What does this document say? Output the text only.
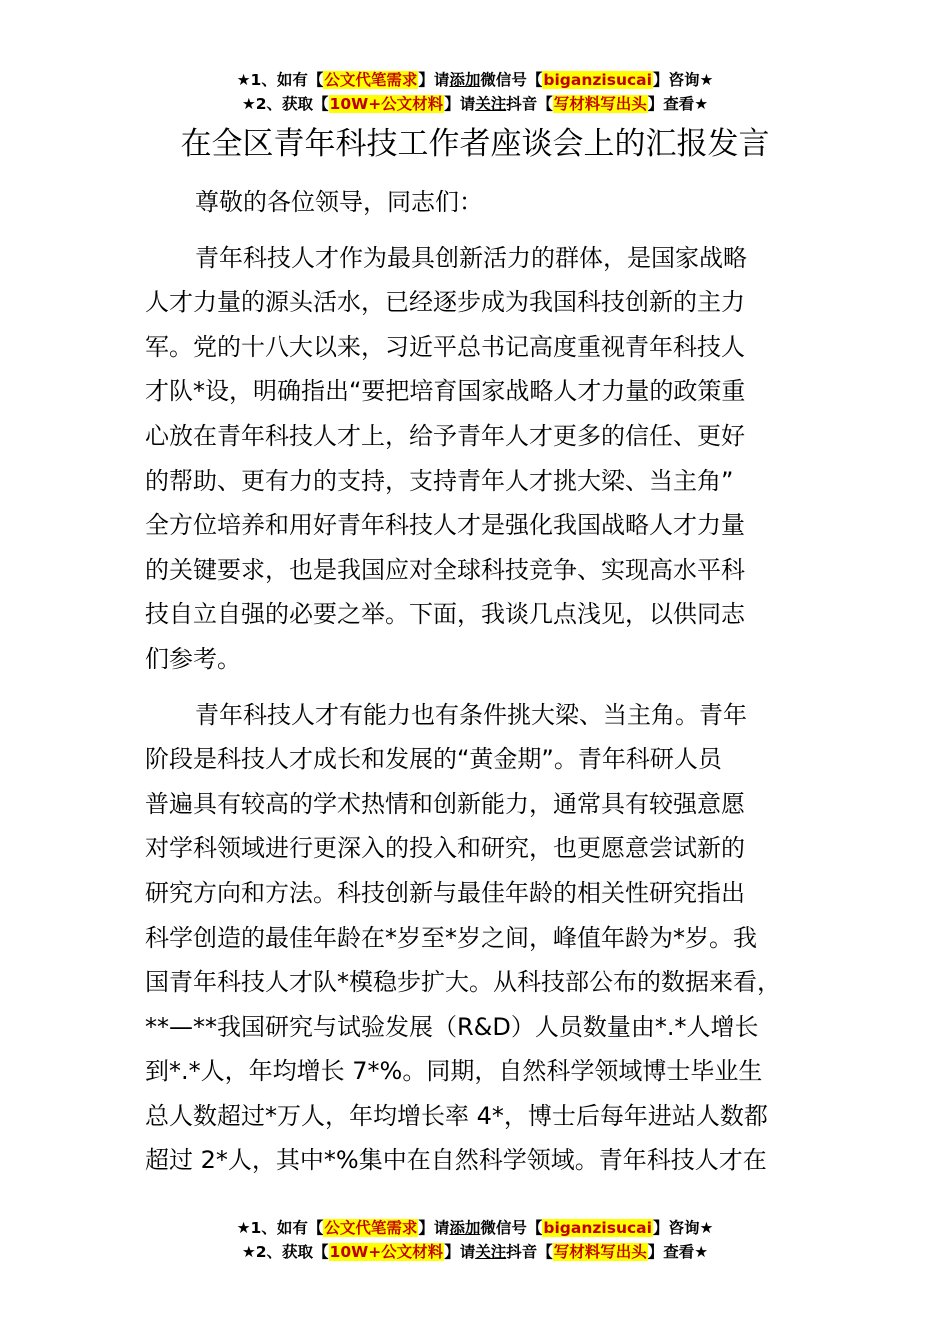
★1、如有【公文代笔需求】请添加微信号【biganzisucai】咨询★
★2、获取【10W+公文材料】请关注抖音【写材料写出头】查看★
在全区青年科技工作者座谈会上的汇报发言

尊敬的各位领导，同志们：

青年科技人才作为最具创新活力的群体，是国家战略
人才力量的源头活水，已经逐步成为我国科技创新的主力
军。党的十八大以来，习近平总书记高度重视青年科技人
才队*设，明确指出“要把培育国家战略人才力量的政策重
心放在青年科技人才上，给予青年人才更多的信任、更好
的帮助、更有力的支持，支持青年人才挑大梁、当主角”
全方位培养和用好青年科技人才是强化我国战略人才力量
的关键要求，也是我国应对全球科技竞争、实现高水平科
技自立自强的必要之举。下面，我谈几点浅见，以供同志
们参考。

青年科技人才有能力也有条件挑大梁、当主角。青年
阶段是科技人才成长和发展的“黄金期”。青年科研人员
普遍具有较高的学术热情和创新能力，通常具有较强意愿
对学科领域进行更深入的投入和研究，也更愿意尝试新的
研究方向和方法。科技创新与最佳年龄的相关性研究指出
科学创造的最佳年龄在*岁至*岁之间，峰值年龄为*岁。我
国青年科技人才队*模稳步扩大。从科技部公布的数据来看，
**—**我国研究与试验发展（R&D）人员数量由*.*人增长
到*.*人，年均增长 7*%。同期，自然科学领域博士毕业生
总人数超过*万人，年均增长率 4*，博士后每年进站人数都
超过 2*人，其中*%集中在自然科学领域。青年科技人才在

★1、如有【公文代笔需求】请添加微信号【biganzisucai】咨询★
★2、获取【10W+公文材料】请关注抖音【写材料写出头】查看★
